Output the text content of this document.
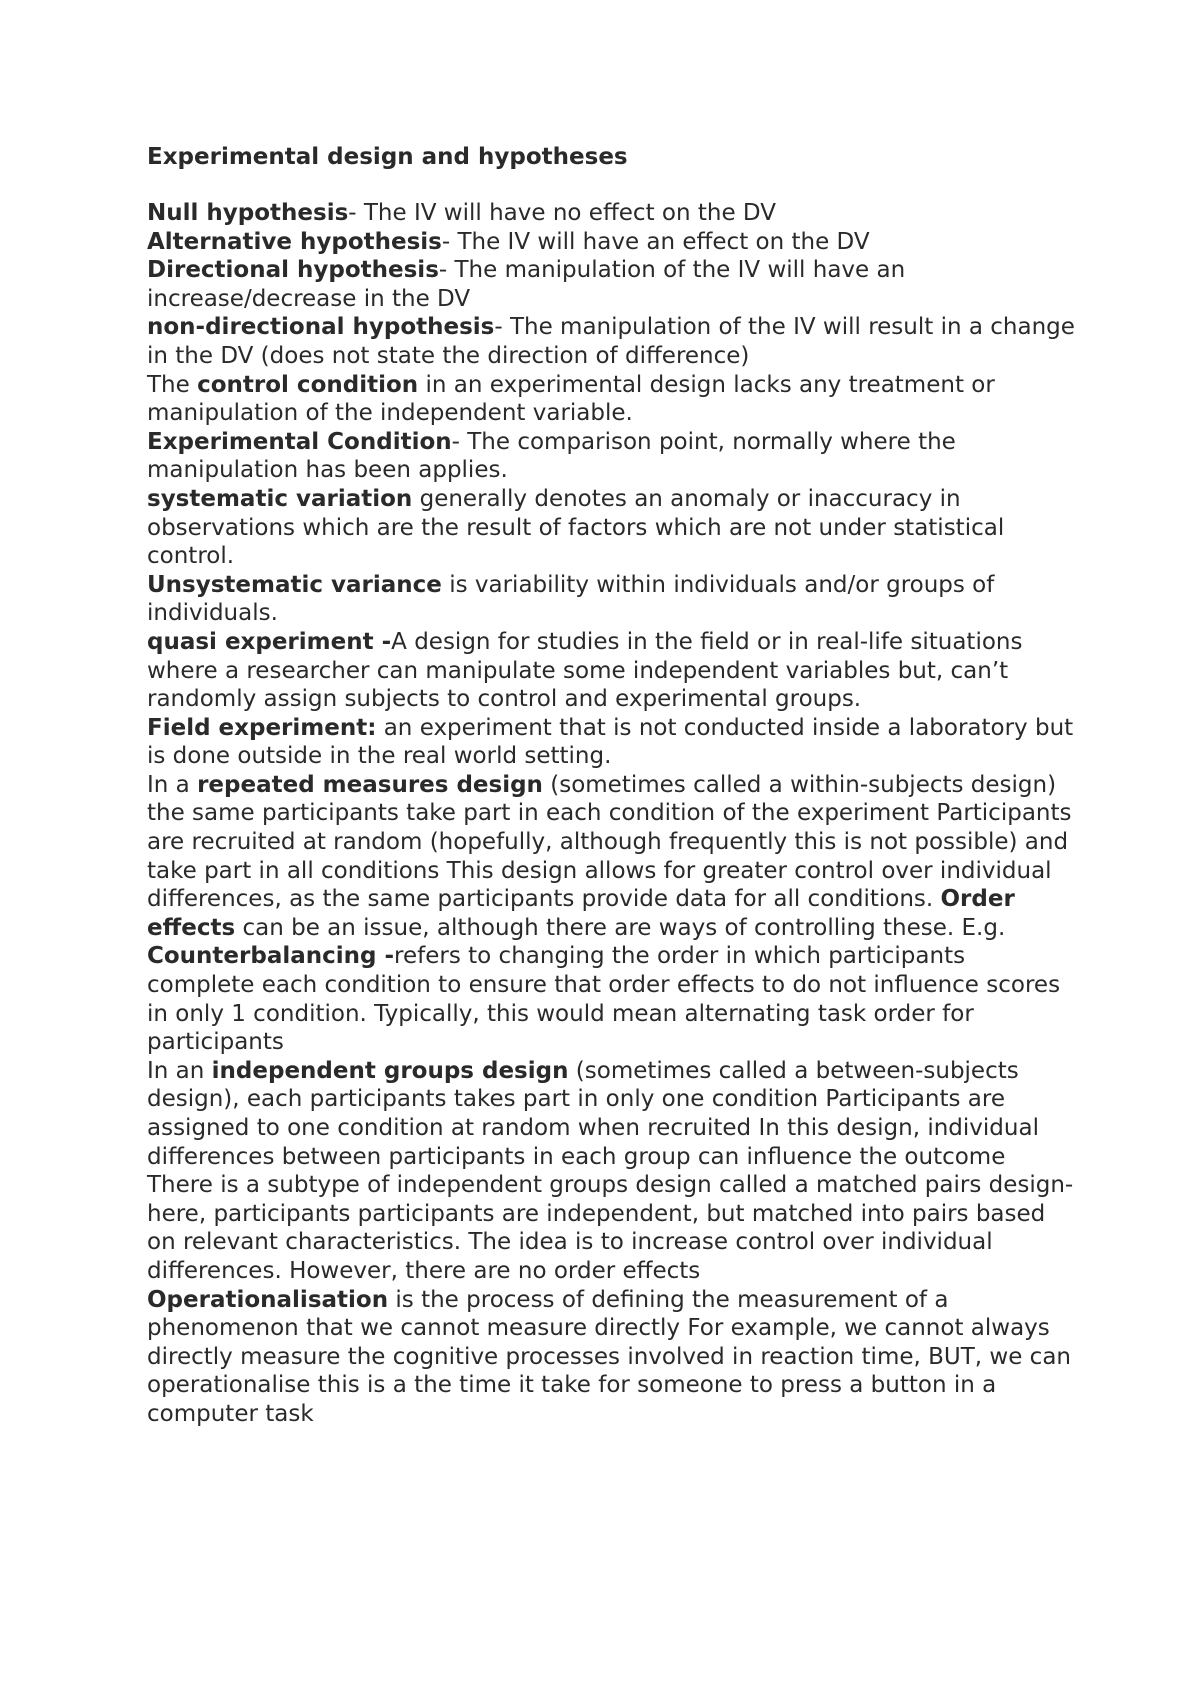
Experimental design and hypotheses

Null hypothesis- The IV will have no effect on the DV

Alternative hypothesis- The IV will have an effect on the DV

Directional hypothesis- The manipulation of the IV will have an increase/decrease in the DV

non-directional hypothesis- The manipulation of the IV will result in a change in the DV (does not state the direction of difference)

The control condition in an experimental design lacks any treatment or manipulation of the independent variable.

Experimental Condition- The comparison point, normally where the manipulation has been applies.

systematic variation generally denotes an anomaly or inaccuracy in observations which are the result of factors which are not under statistical control.

Unsystematic variance is variability within individuals and/or groups of individuals.

quasi experiment -A design for studies in the field or in real-life situations where a researcher can manipulate some independent variables but, can’t randomly assign subjects to control and experimental groups.

Field experiment: an experiment that is not conducted inside a laboratory but is done outside in the real world setting.

In a repeated measures design (sometimes called a within-subjects design) the same participants take part in each condition of the experiment Participants are recruited at random (hopefully, although frequently this is not possible) and take part in all conditions This design allows for greater control over individual differences, as the same participants provide data for all conditions. Order effects can be an issue, although there are ways of controlling these. E.g.

Counterbalancing -refers to changing the order in which participants complete each condition to ensure that order effects to do not influence scores in only 1 condition. Typically, this would mean alternating task order for participants

In an independent groups design (sometimes called a between-subjects design), each participants takes part in only one condition Participants are assigned to one condition at random when recruited In this design, individual differences between participants in each group can influence the outcome There is a subtype of independent groups design called a matched pairs design- here, participants participants are independent, but matched into pairs based on relevant characteristics. The idea is to increase control over individual differences. However, there are no order effects

Operationalisation is the process of defining the measurement of a phenomenon that we cannot measure directly For example, we cannot always directly measure the cognitive processes involved in reaction time, BUT, we can operationalise this is a the time it take for someone to press a button in a computer task
